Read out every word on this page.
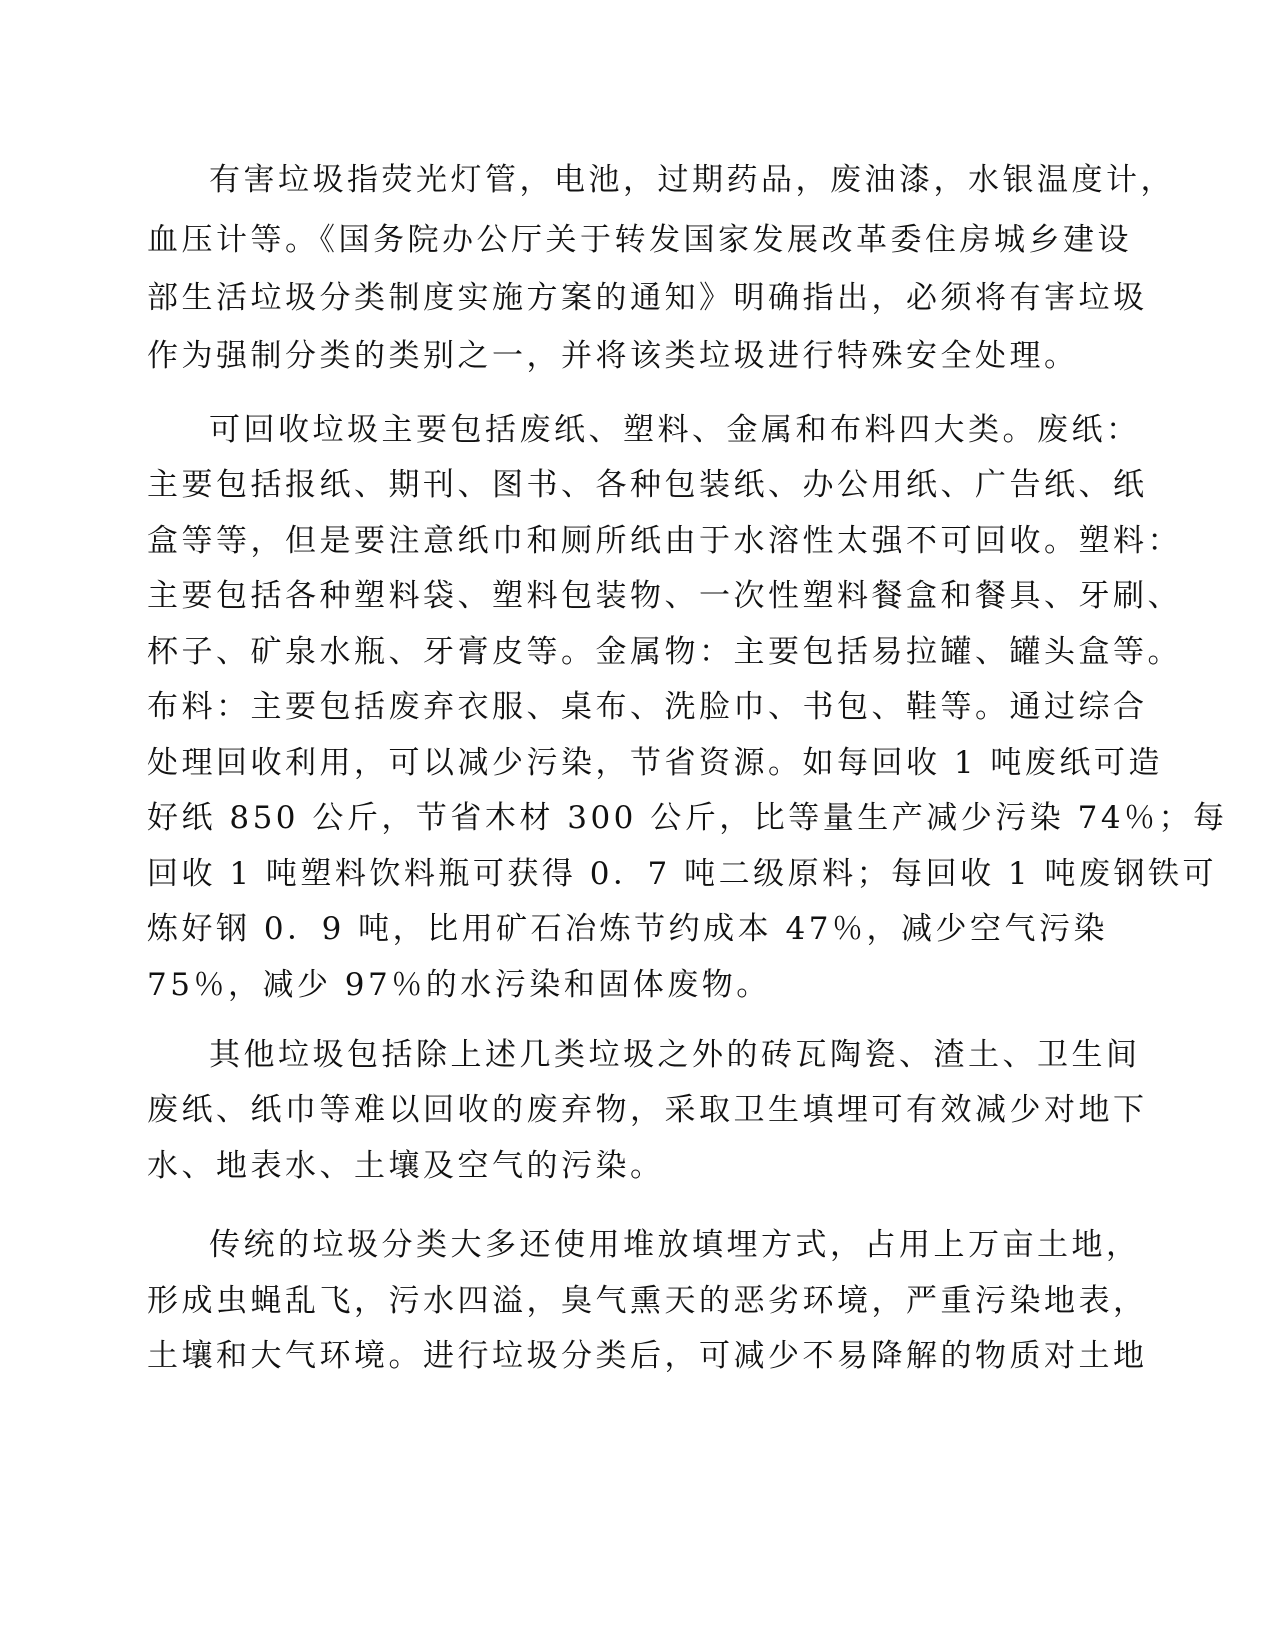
有害垃圾指荧光灯管，电池，过期药品，废油漆，水银温度计，
血压计等。《国务院办公厅关于转发国家发展改革委住房城乡建设
部生活垃圾分类制度实施方案的通知》明确指出，必须将有害垃圾
作为强制分类的类别之一，并将该类垃圾进行特殊安全处理。
可回收垃圾主要包括废纸、塑料、金属和布料四大类。废纸：
主要包括报纸、期刊、图书、各种包装纸、办公用纸、广告纸、纸
盒等等，但是要注意纸巾和厕所纸由于水溶性太强不可回收。塑料：
主要包括各种塑料袋、塑料包装物、一次性塑料餐盒和餐具、牙刷、
杯子、矿泉水瓶、牙膏皮等。金属物：主要包括易拉罐、罐头盒等。
布料：主要包括废弃衣服、桌布、洗脸巾、书包、鞋等。通过综合
处理回收利用，可以减少污染，节省资源。如每回收 1 吨废纸可造
好纸 850 公斤，节省木材 300 公斤，比等量生产减少污染 74％；每
回收 1 吨塑料饮料瓶可获得 0．7 吨二级原料；每回收 1 吨废钢铁可
炼好钢 0．9 吨，比用矿石冶炼节约成本 47％，减少空气污染
75％，减少 97％的水污染和固体废物。
其他垃圾包括除上述几类垃圾之外的砖瓦陶瓷、渣土、卫生间
废纸、纸巾等难以回收的废弃物，采取卫生填埋可有效减少对地下
水、地表水、土壤及空气的污染。
传统的垃圾分类大多还使用堆放填埋方式，占用上万亩土地，
形成虫蝇乱飞，污水四溢，臭气熏天的恶劣环境，严重污染地表，
土壤和大气环境。进行垃圾分类后，可减少不易降解的物质对土地
